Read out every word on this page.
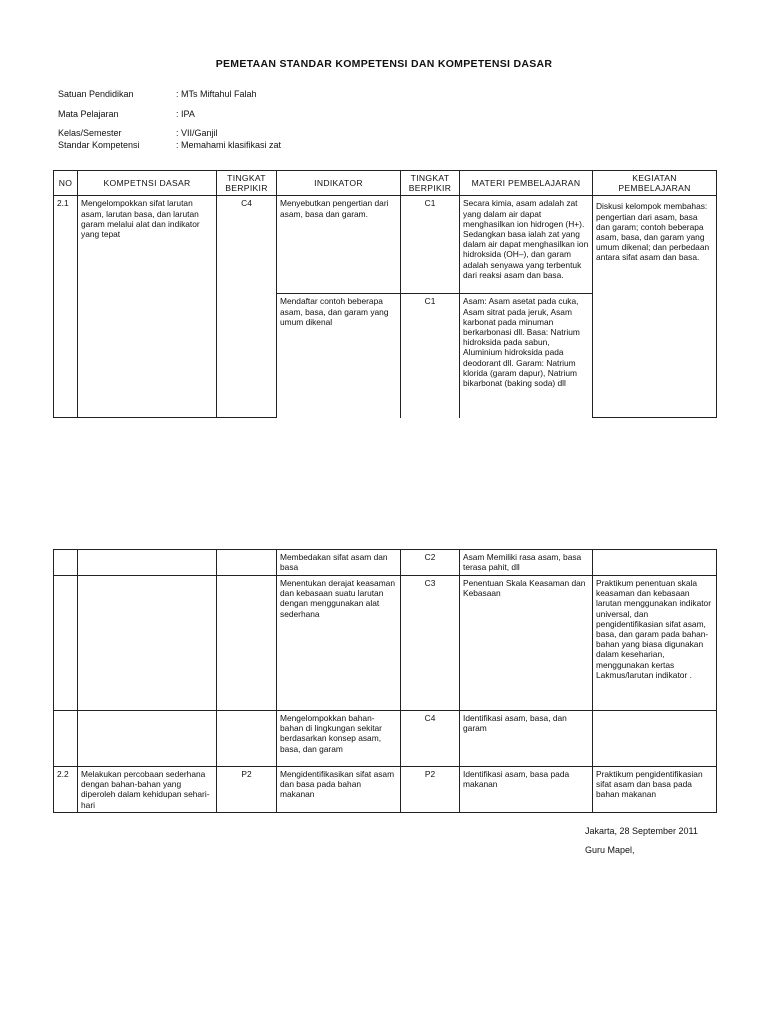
PEMETAAN STANDAR KOMPETENSI DAN KOMPETENSI DASAR
Satuan Pendidikan	: MTs Miftahul Falah
Mata Pelajaran	: IPA
Kelas/Semester	: VII/Ganjil
Standar Kompetensi	: Memahami klasifikasi zat
NO	KOMPETNSI DASAR	TINGKAT BERPIKIR	INDIKATOR	TINGKAT BERPIKIR	MATERI PEMBELAJARAN	KEGIATAN PEMBELAJARAN
2.1	Mengelompokkan sifat larutan asam, larutan basa, dan larutan garam melalui alat dan indikator yang tepat	C4	Menyebutkan pengertian dari asam, basa dan garam.	C1	Secara kimia, asam adalah zat yang dalam air dapat menghasilkan ion hidrogen (H+). Sedangkan basa ialah zat yang dalam air dapat menghasilkan ion hidroksida (OH–), dan garam adalah senyawa yang terbentuk dari reaksi asam dan basa.	Diskusi kelompok membahas: pengertian dari asam, basa dan garam; contoh beberapa asam, basa, dan garam yang umum dikenal; dan perbedaan antara sifat asam dan basa.
			Mendaftar contoh beberapa asam, basa, dan garam yang umum dikenal	C1	Asam: Asam asetat pada cuka, Asam sitrat pada jeruk, Asam karbonat pada minuman berkarbonasi dll. Basa: Natrium hidroksida pada sabun, Aluminium hidroksida pada deodorant dll. Garam: Natrium klorida (garam dapur), Natrium bikarbonat (baking soda) dll	
			Membedakan sifat asam dan basa	C2	Asam Memiliki rasa asam, basa terasa pahit, dll	
			Menentukan derajat keasaman dan kebasaan suatu larutan dengan menggunakan alat sederhana	C3	Penentuan Skala Keasaman dan Kebasaan	Praktikum penentuan skala keasaman dan kebasaan larutan menggunakan indikator universal, dan pengidentifikasian sifat asam, basa, dan garam pada bahan-bahan yang biasa digunakan dalam keseharian, menggunakan kertas Lakmus/larutan indikator .
			Mengelompokkan bahan-bahan di lingkungan sekitar berdasarkan konsep asam, basa, dan garam	C4	Identifikasi asam, basa, dan garam	
2.2	Melakukan percobaan sederhana dengan bahan-bahan yang diperoleh dalam kehidupan sehari-hari	P2	Mengidentifikasikan sifat asam dan basa pada bahan makanan	P2	Identifikasi asam, basa pada makanan	Praktikum pengidentifikasian sifat asam dan basa pada bahan makanan
Jakarta, 28 September 2011
Guru Mapel,
